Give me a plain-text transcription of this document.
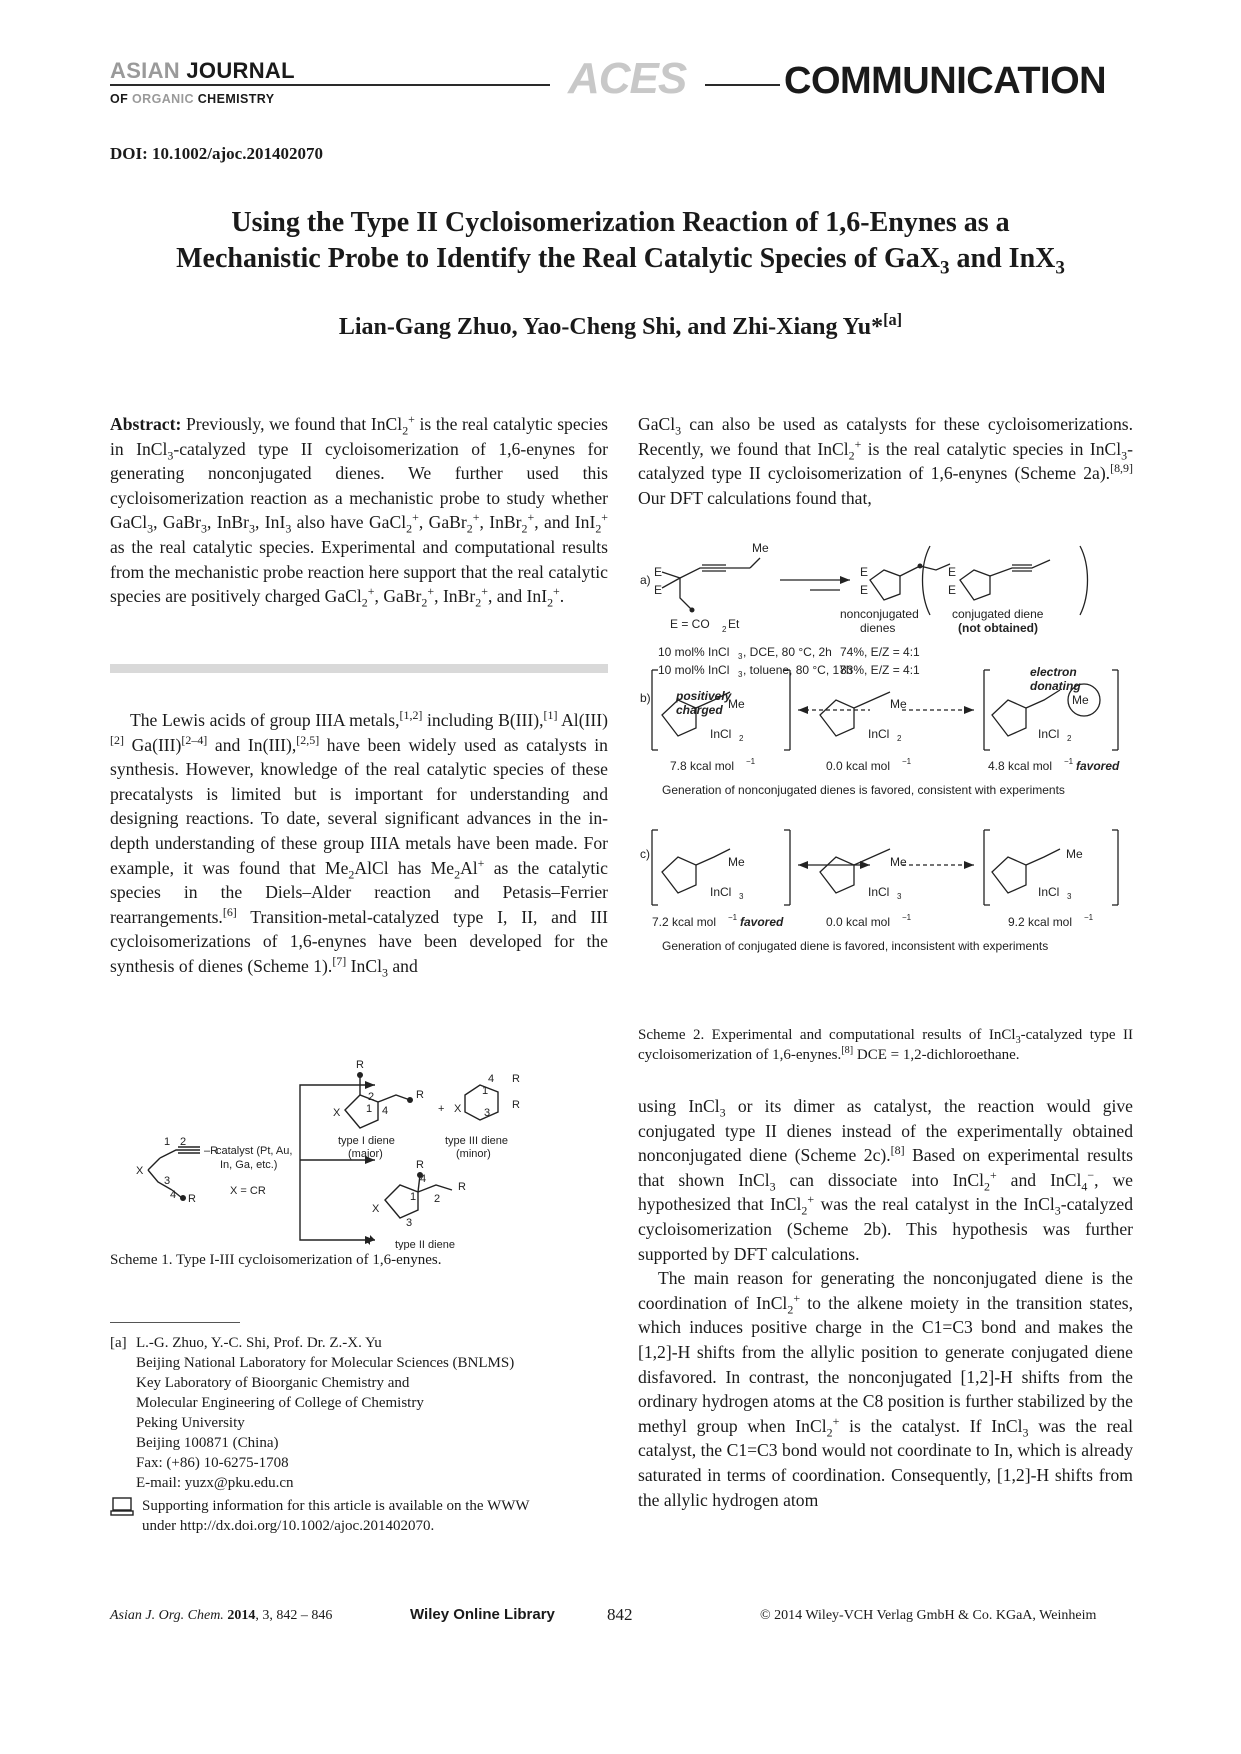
ASIAN JOURNAL
OF ORGANIC CHEMISTRY	ACES	COMMUNICATION
DOI: 10.1002/ajoc.201402070
Using the Type II Cycloisomerization Reaction of 1,6-Enynes as a
Mechanistic Probe to Identify the Real Catalytic Species of GaX$_3$ and InX$_3$
Lian-Gang Zhuo, Yao-Cheng Shi, and Zhi-Xiang Yu*[a]
Abstract: Previously, we found that InCl$_2$+ is the real catalytic species in InCl$_3$-catalyzed type II cycloisomerization of 1,6-enynes for generating nonconjugated dienes. We further used this cycloisomerization reaction as a mechanistic probe to study whether GaCl$_3$, GaBr$_3$, InBr$_3$, InI$_3$ also have GaCl$_2$+, GaBr$_2$+, InBr$_2$+, and InI$_2$+ as the real catalytic species. Experimental and computational results from the mechanistic probe reaction here support that the real catalytic species are positively charged GaCl$_2$+, GaBr$_2$+, InBr$_2$+, and InI$_2$+.
The Lewis acids of group IIIA metals,[1,2] including B(III),[1] Al(III)[2] Ga(III)[2–4] and In(III),[2,5] have been widely used as catalysts in synthesis. However, knowledge of the real catalytic species of these precatalysts is limited but is important for understanding and designing reactions. To date, several significant advances in the in-depth understanding of these group IIIA metals have been made. For example, it was found that $Me_2AlCl$ has $Me_2Al^+$ as the catalytic species in the Diels–Alder reaction and Petasis–Ferrier rearrangements.[6] Transition-metal-catalyzed type I, II, and III cycloisomerizations of 1,6-enynes have been developed for the synthesis of dienes (Scheme 1).[7] InCl$_3$ and
1 2
–R
X
3
4 R
catalyst (Pt, Au,
In, Ga, etc.)
X = CR
R
R
X 1
2
4
type I diene
(major)
+ X
1
4 R
R
3
type III diene
(minor)
R
X
1
4
2
3
R
type II diene
Scheme 1. Type I-III cycloisomerization of 1,6-enynes.
[a] L.-G. Zhuo, Y.-C. Shi, Prof. Dr. Z.-X. Yu
Beijing National Laboratory for Molecular Sciences (BNLMS)
Key Laboratory of Bioorganic Chemistry and
Molecular Engineering of College of Chemistry
Peking University
Beijing 100871 (China)
Fax: (+86) 10-6275-1708
E-mail: yuzx@pku.edu.cn
Supporting information for this article is available on the WWW
under http://dx.doi.org/10.1002/ajoc.201402070.
GaCl$_3$ can also be used as catalysts for these cycloisomerizations. Recently, we found that InCl$_2$+ is the real catalytic species in InCl$_3$-catalyzed type II cycloisomerization of 1,6-enynes (Scheme 2a).[8,9] Our DFT calculations found that,
a)
Me
E
E
E = CO 2 Et
E
E
nonconjugated
dienes
E
E
conjugated diene
(not obtained)
10 mol% InCl 3 , DCE, 80 °C, 2h 74%, E/Z = 4:1
10 mol% InCl 3 , toluene, 80 °C, 17h
83%, E/Z = 4:1
b) positively
charged Me
InCl 2
Me
InCl 2
electron
donating
Me
InCl 2
7.8 kcal mol −1	0.0 kcal mol −1	4.8 kcal mol −1 favored
Generation of nonconjugated dienes is favored, consistent with experiments
c)
Me
InCl 3
Me
InCl 3
Me
InCl 3
7.2 kcal mol −1 favored	0.0 kcal mol −1	9.2 kcal mol −1
Generation of conjugated diene is favored, inconsistent with experiments
Scheme 2. Experimental and computational results of InCl$_3$-catalyzed type II cycloisomerization of 1,6-enynes.[8] DCE = 1,2-dichloroethane.

using InCl$_3$ or its dimer as catalyst, the reaction would give conjugated type II dienes instead of the experimentally obtained nonconjugated diene (Scheme 2c).[8] Based on experimental results that shown InCl$_3$ can dissociate into InCl$_2$+ and InCl$_4$−, we hypothesized that InCl$_2$+ was the real catalyst in the InCl$_3$-catalyzed cycloisomerization (Scheme 2b). This hypothesis was further supported by DFT calculations.

The main reason for generating the nonconjugated diene is the coordination of InCl$_2$+ to the alkene moiety in the transition states, which induces positive charge in the C1=C3 bond and makes the [1,2]-H shifts from the allylic position to generate conjugated diene disfavored. In contrast, the nonconjugated [1,2]-H shifts from the ordinary hydrogen atoms at the C8 position is further stabilized by the methyl group when InCl$_2$+ is the catalyst. If InCl$_3$ was the real catalyst, the C1=C3 bond would not coordinate to In, which is already saturated in terms of coordination. Consequently, [1,2]-H shifts from the allylic hydrogen atom

Asian J. Org. Chem. 2014, 3, 842 – 846	Wiley Online Library	842	© 2014 Wiley-VCH Verlag GmbH & Co. KGaA, Weinheim
